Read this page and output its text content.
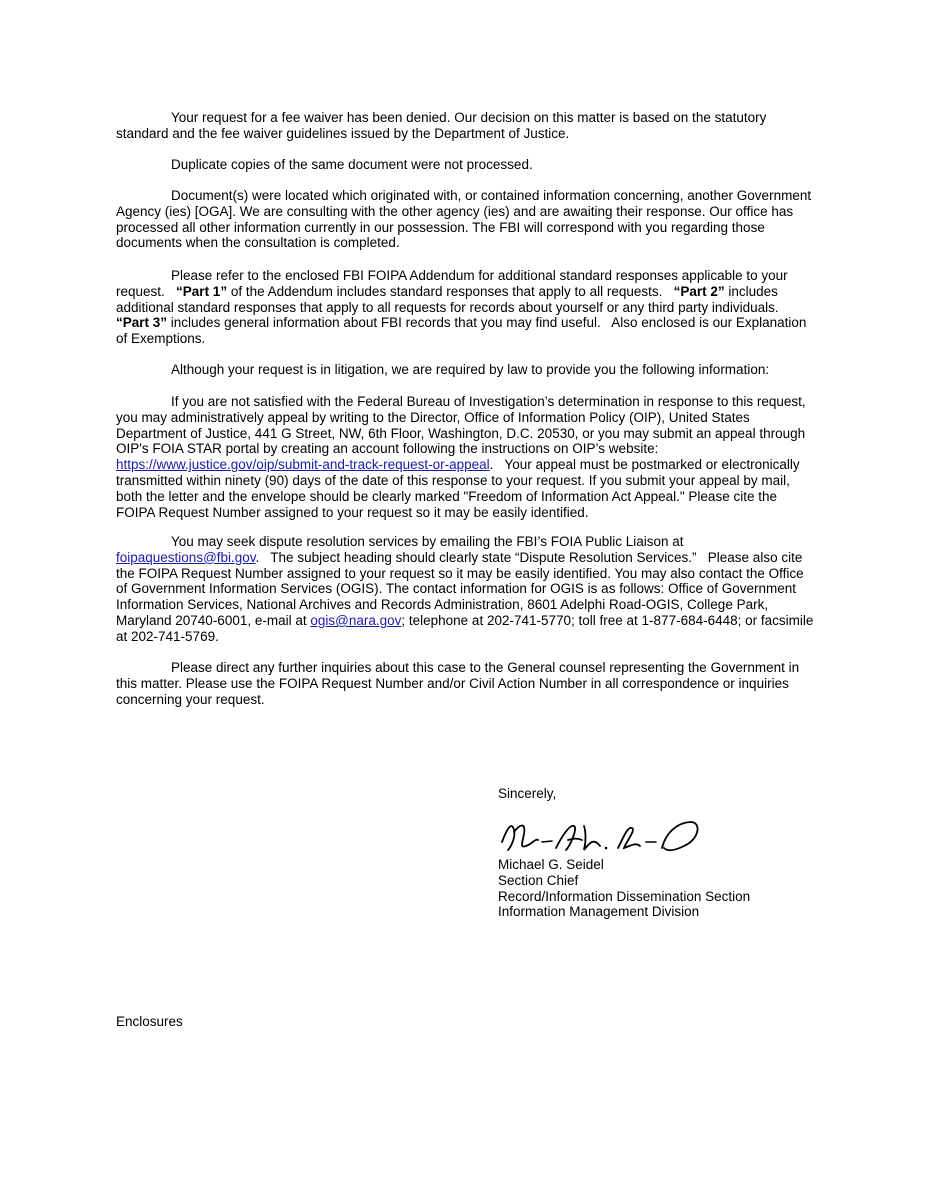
Your request for a fee waiver has been denied. Our decision on this matter is based on the statutory
standard and the fee waiver guidelines issued by the Department of Justice.

Duplicate copies of the same document were not processed.

Document(s) were located which originated with, or contained information concerning, another Government
Agency (ies) [OGA]. We are consulting with the other agency (ies) and are awaiting their response. Our office has
processed all other information currently in our possession. The FBI will correspond with you regarding those
documents when the consultation is completed.

Please refer to the enclosed FBI FOIPA Addendum for additional standard responses applicable to your
request.   “Part 1” of the Addendum includes standard responses that apply to all requests.   “Part 2” includes
additional standard responses that apply to all requests for records about yourself or any third party individuals.
“Part 3” includes general information about FBI records that you may find useful.   Also enclosed is our Explanation
of Exemptions.

Although your request is in litigation, we are required by law to provide you the following information:

If you are not satisfied with the Federal Bureau of Investigation’s determination in response to this request,
you may administratively appeal by writing to the Director, Office of Information Policy (OIP), United States
Department of Justice, 441 G Street, NW, 6th Floor, Washington, D.C. 20530, or you may submit an appeal through
OIP's FOIA STAR portal by creating an account following the instructions on OIP’s website:
https://www.justice.gov/oip/submit-and-track-request-or-appeal.   Your appeal must be postmarked or electronically
transmitted within ninety (90) days of the date of this response to your request. If you submit your appeal by mail,
both the letter and the envelope should be clearly marked "Freedom of Information Act Appeal." Please cite the
FOIPA Request Number assigned to your request so it may be easily identified.

You may seek dispute resolution services by emailing the FBI’s FOIA Public Liaison at
foipaquestions@fbi.gov.   The subject heading should clearly state “Dispute Resolution Services.”   Please also cite
the FOIPA Request Number assigned to your request so it may be easily identified. You may also contact the Office
of Government Information Services (OGIS). The contact information for OGIS is as follows: Office of Government
Information Services, National Archives and Records Administration, 8601 Adelphi Road-OGIS, College Park,
Maryland 20740-6001, e-mail at ogis@nara.gov; telephone at 202-741-5770; toll free at 1-877-684-6448; or facsimile
at 202-741-5769.

Please direct any further inquiries about this case to the General counsel representing the Government in
this matter. Please use the FOIPA Request Number and/or Civil Action Number in all correspondence or inquiries
concerning your request.

Sincerely,
Michael G. Seidel
Section Chief
Record/Information Dissemination Section
Information Management Division
Enclosures
